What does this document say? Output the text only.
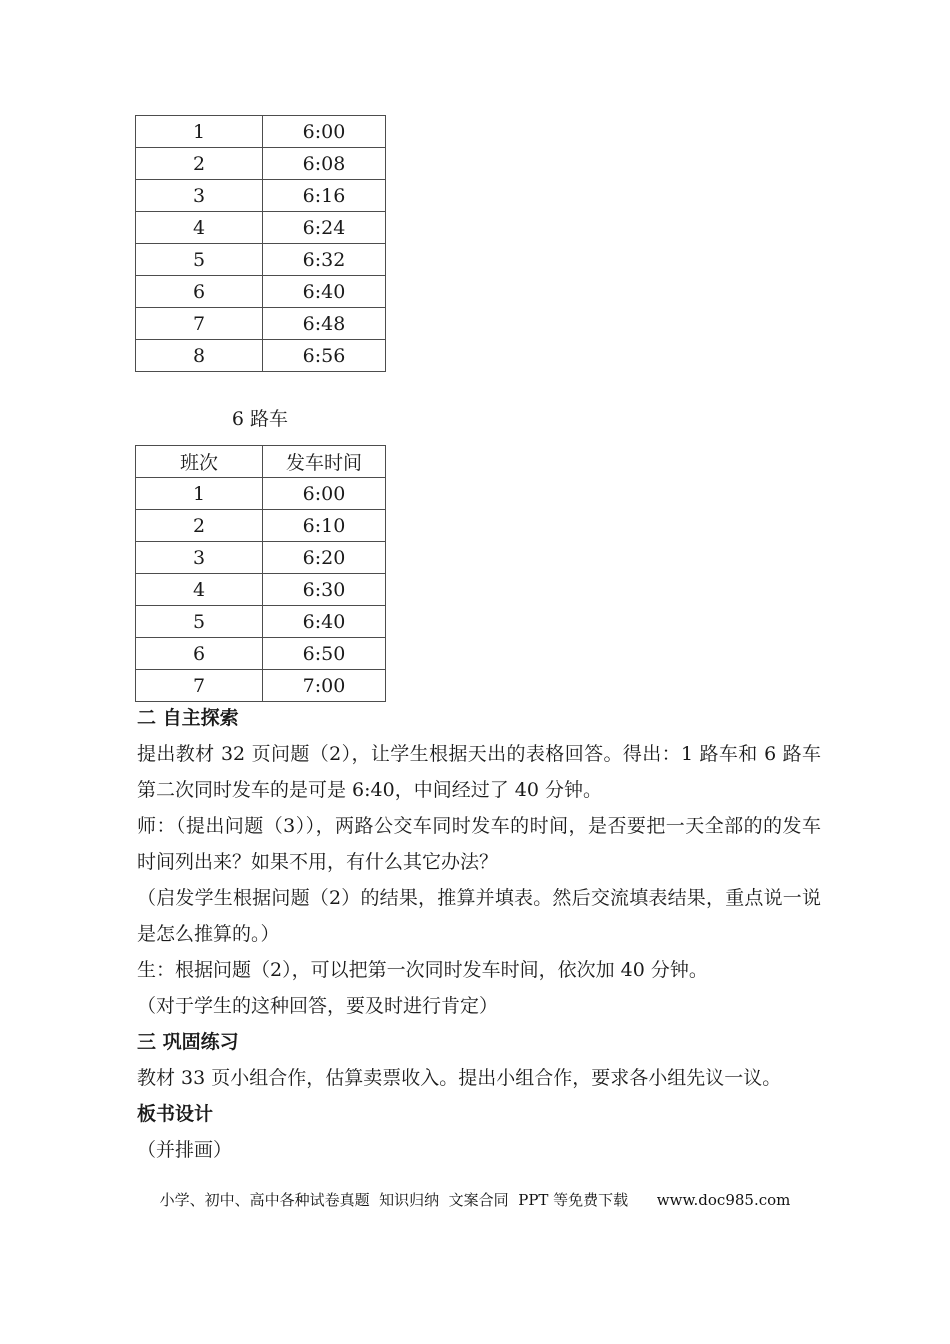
1	6:00
2	6:08
3	6:16
4	6:24
5	6:32
6	6:40
7	6:48
8	6:56
6 路车
班次	发车时间
1	6:00
2	6:10
3	6:20
4	6:30
5	6:40
6	6:50
7	7:00
二 自主探索
提出教材 32 页问题（2），让学生根据天出的表格回答。得出：1 路车和 6 路车第二次同时发车的是可是 6:40，中间经过了 40 分钟。
师：（提出问题（3）），两路公交车同时发车的时间，是否要把一天全部的的发车时间列出来？如果不用，有什么其它办法？
（启发学生根据问题（2）的结果，推算并填表。然后交流填表结果，重点说一说是怎么推算的。）
生：根据问题（2），可以把第一次同时发车时间，依次加 40 分钟。
（对于学生的这种回答，要及时进行肯定）
三 巩固练习
教材 33 页小组合作，估算卖票收入。提出小组合作，要求各小组先议一议。
板书设计
（并排画）
小学、初中、高中各种试卷真题  知识归纳  文案合同  PPT 等免费下载      www.doc985.com
